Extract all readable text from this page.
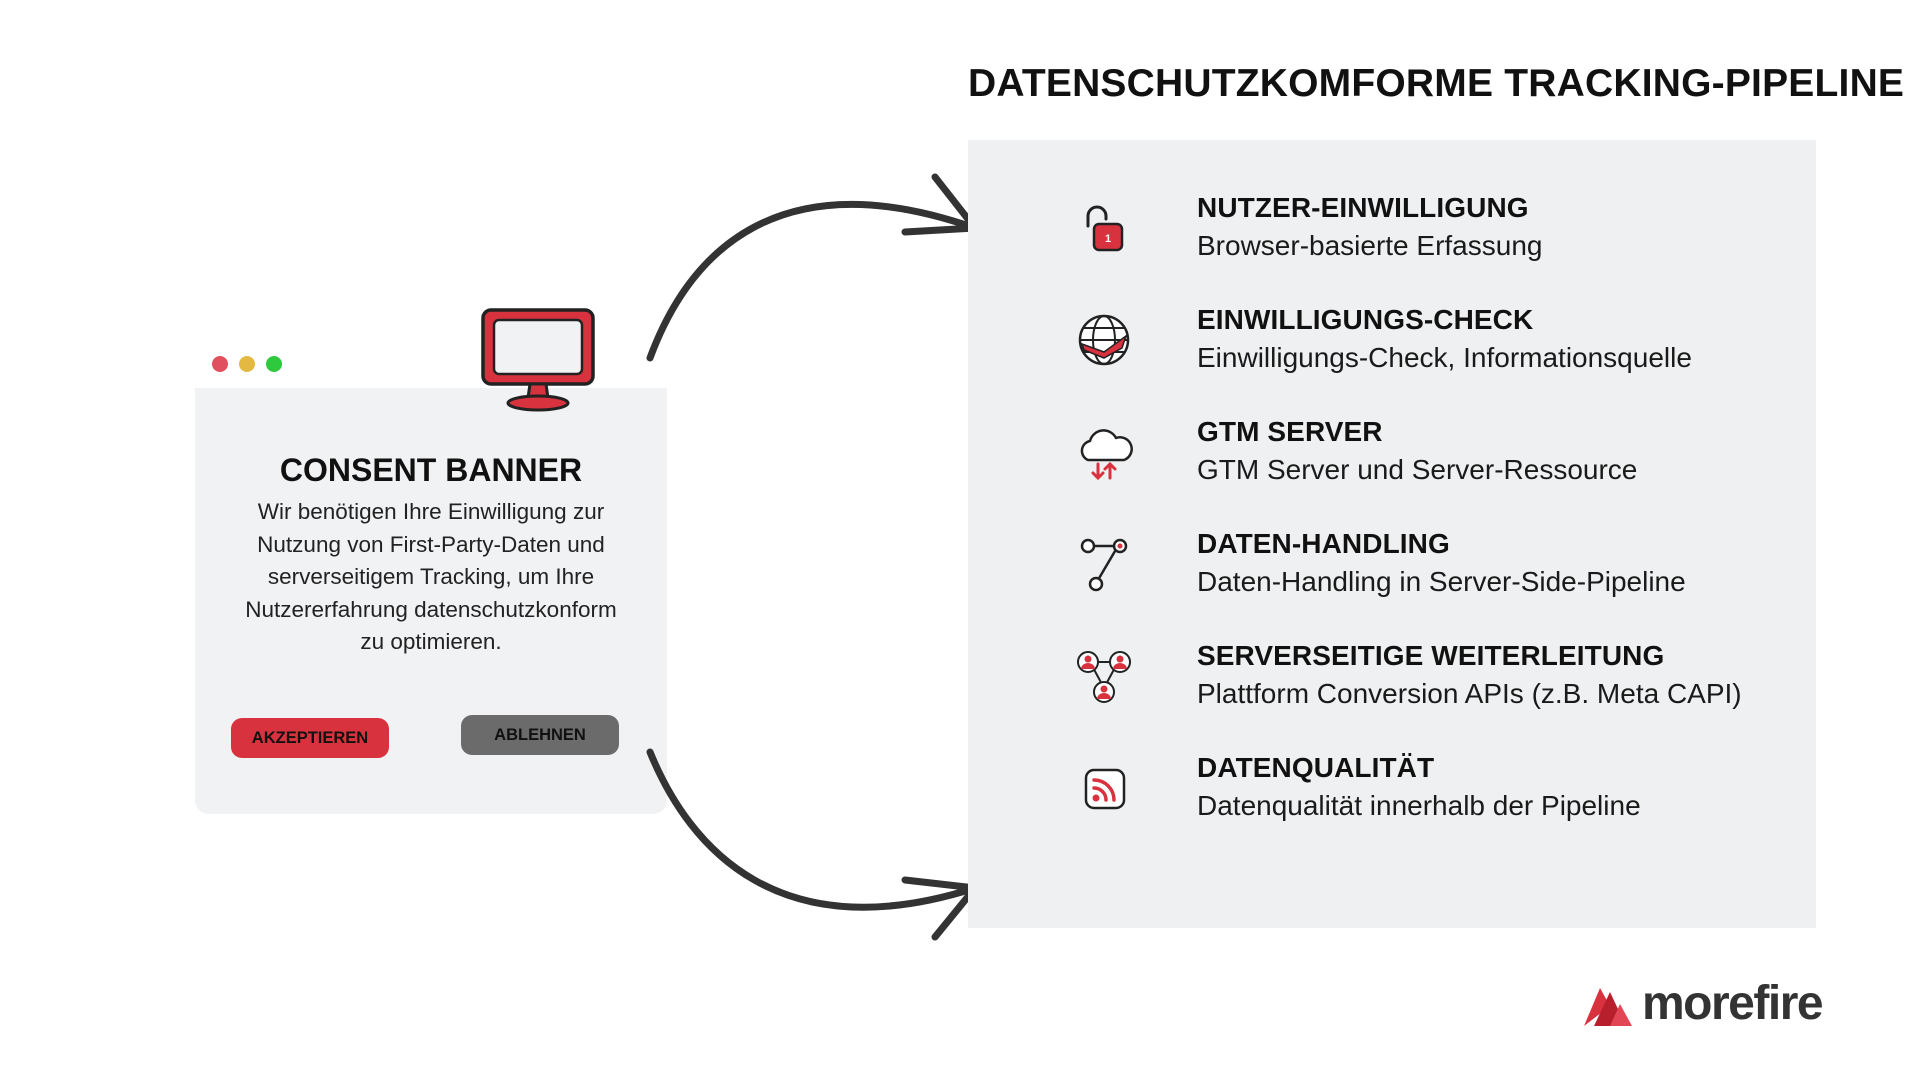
DATENSCHUTZKOMFORME TRACKING-PIPELINE
CONSENT BANNER
Wir benötigen Ihre Einwilligung zur Nutzung von First-Party-Daten und serverseitigem Tracking, um Ihre Nutzererfahrung datenschutzkonform zu optimieren.
AKZEPTIEREN	ABLEHNEN
1
NUTZER-EINWILLIGUNG
Browser-basierte Erfassung
EINWILLIGUNGS-CHECK
Einwilligungs-Check, Informationsquelle
GTM SERVER
GTM Server und Server-Ressource
DATEN-HANDLING
Daten-Handling in Server-Side-Pipeline
SERVERSEITIGE WEITERLEITUNG
Plattform Conversion APIs (z.B. Meta CAPI)
DATENQUALITÄT
Datenqualität innerhalb der Pipeline
morefire
